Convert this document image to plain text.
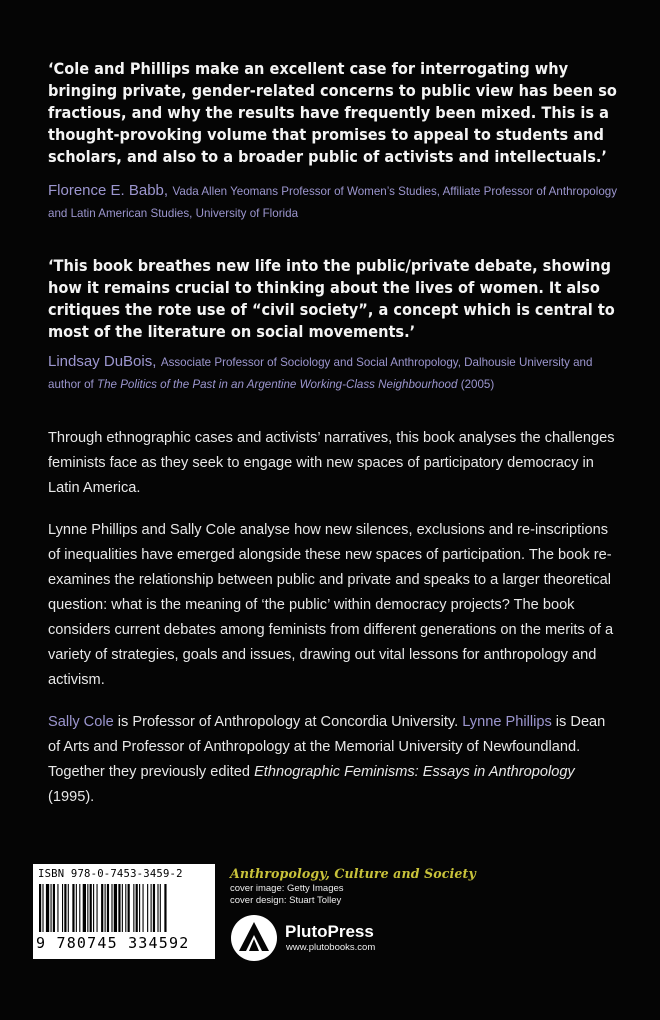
‘Cole and Phillips make an excellent case for interrogating why bringing private, gender-related concerns to public view has been so fractious, and why the results have frequently been mixed. This is a thought-provoking volume that promises to appeal to students and scholars, and also to a broader public of activists and intellectuals.’

Florence E. Babb, Vada Allen Yeomans Professor of Women’s Studies, Affiliate Professor of Anthropology and Latin American Studies, University of Florida

‘This book breathes new life into the public/private debate, showing how it remains crucial to thinking about the lives of women. It also critiques the rote use of “civil society”, a concept which is central to most of the literature on social movements.’

Lindsay DuBois, Associate Professor of Sociology and Social Anthropology, Dalhousie University and author of The Politics of the Past in an Argentine Working-Class Neighbourhood (2005)

Through ethnographic cases and activists’ narratives, this book analyses the challenges feminists face as they seek to engage with new spaces of participatory democracy in Latin America.

Lynne Phillips and Sally Cole analyse how new silences, exclusions and re-inscriptions of inequalities have emerged alongside these new spaces of participation. The book re-examines the relationship between public and private and speaks to a larger theoretical question: what is the meaning of ‘the public’ within democracy projects? The book considers current debates among feminists from different generations on the merits of a variety of strategies, goals and issues, drawing out vital lessons for anthropology and activism.

Sally Cole is Professor of Anthropology at Concordia University. Lynne Phillips is Dean of Arts and Professor of Anthropology at the Memorial University of Newfoundland. Together they previously edited Ethnographic Feminisms: Essays in Anthropology (1995).

ISBN 978-0-7453-3459-2
9 780745 334592
Anthropology, Culture and Society
cover image: Getty Images
cover design: Stuart Tolley
PlutoPress
www.plutobooks.com
